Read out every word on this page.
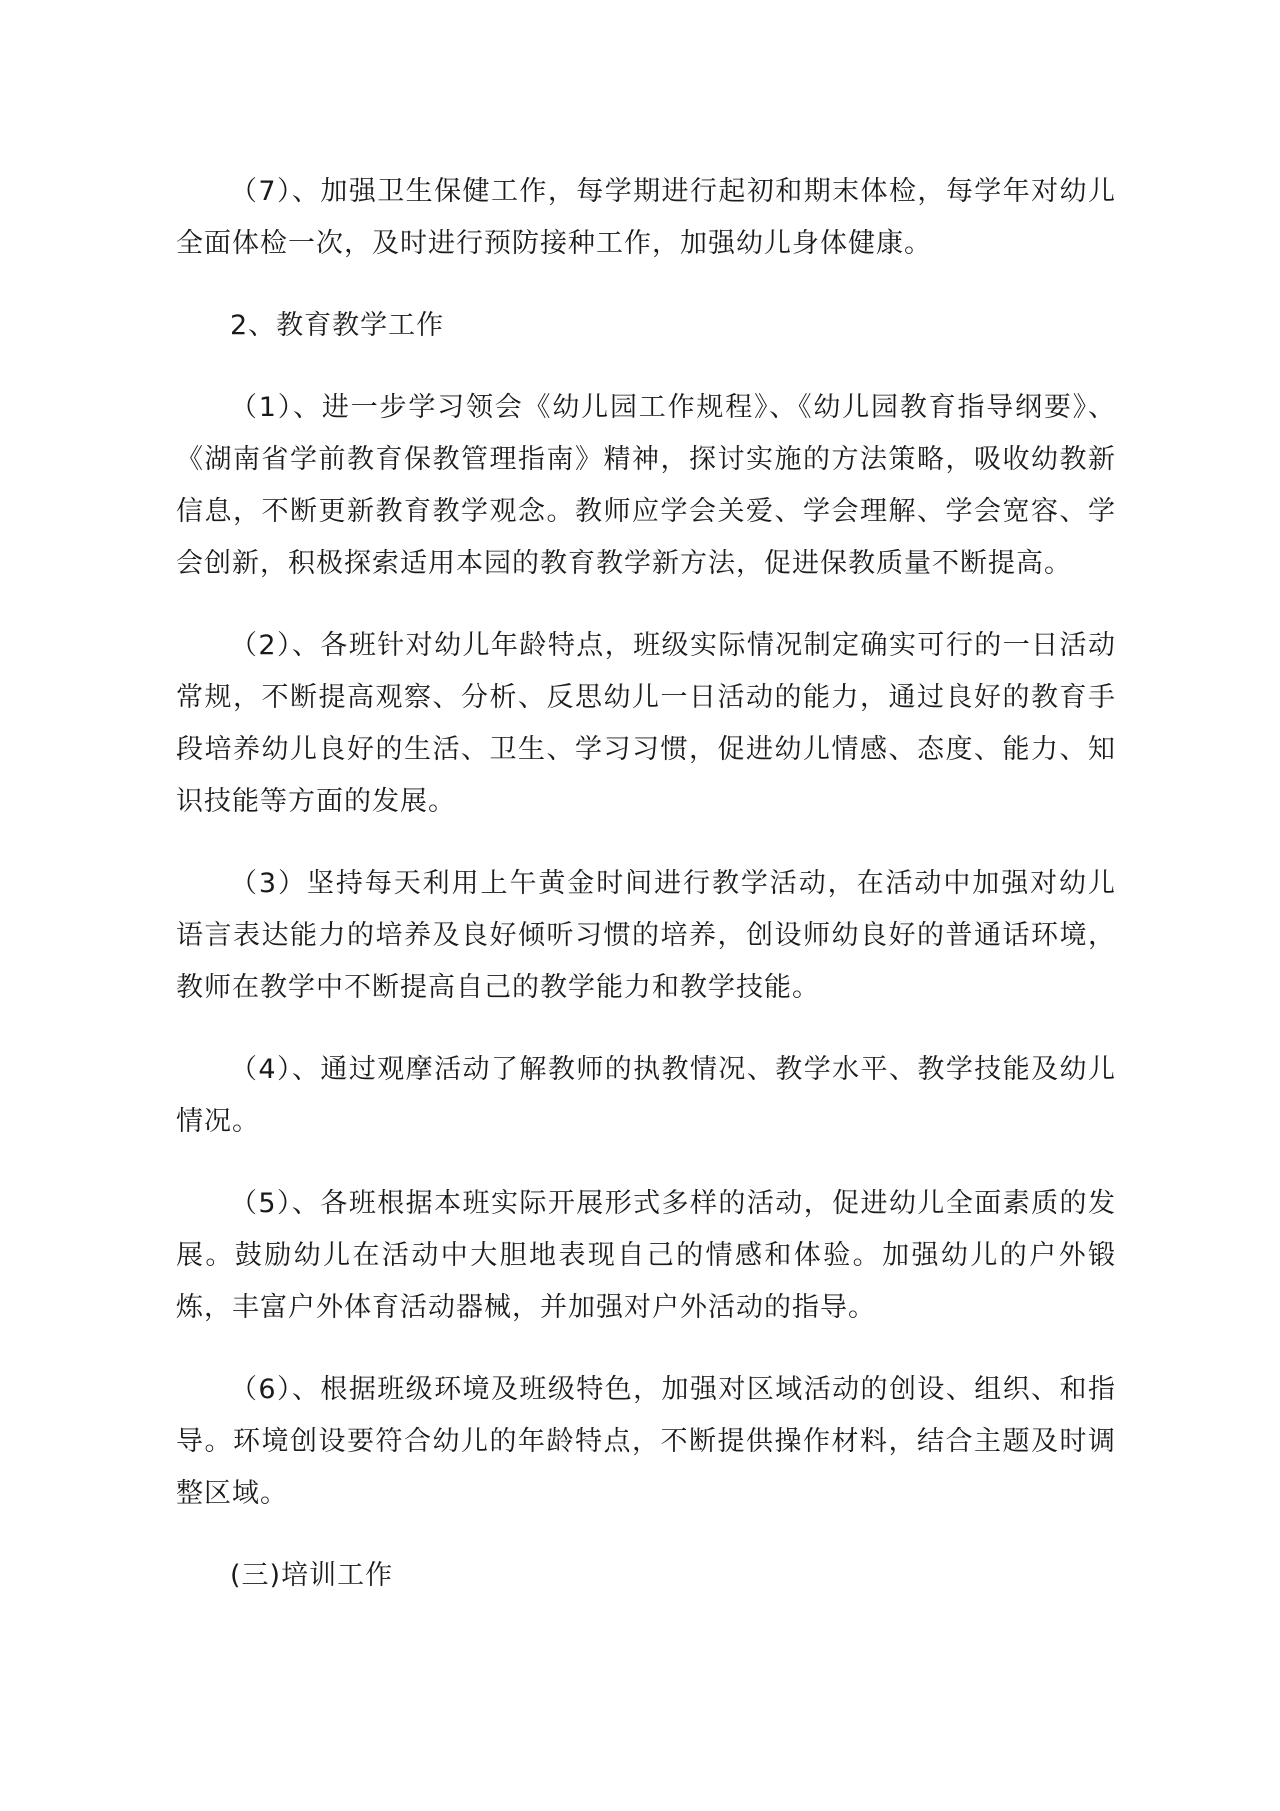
（7）、加强卫生保健工作，每学期进行起初和期末体检，每学年对幼儿全面体检一次，及时进行预防接种工作，加强幼儿身体健康。

2、教育教学工作

（1）、进一步学习领会《幼儿园工作规程》、《幼儿园教育指导纲要》、《湖南省学前教育保教管理指南》精神，探讨实施的方法策略，吸收幼教新信息，不断更新教育教学观念。教师应学会关爱、学会理解、学会宽容、学会创新，积极探索适用本园的教育教学新方法，促进保教质量不断提高。

（2）、各班针对幼儿年龄特点，班级实际情况制定确实可行的一日活动常规，不断提高观察、分析、反思幼儿一日活动的能力，通过良好的教育手段培养幼儿良好的生活、卫生、学习习惯，促进幼儿情感、态度、能力、知识技能等方面的发展。

（3）坚持每天利用上午黄金时间进行教学活动，在活动中加强对幼儿语言表达能力的培养及良好倾听习惯的培养，创设师幼良好的普通话环境，教师在教学中不断提高自己的教学能力和教学技能。

（4）、通过观摩活动了解教师的执教情况、教学水平、教学技能及幼儿情况。

（5）、各班根据本班实际开展形式多样的活动，促进幼儿全面素质的发展。鼓励幼儿在活动中大胆地表现自己的情感和体验。加强幼儿的户外锻炼，丰富户外体育活动器械，并加强对户外活动的指导。

（6）、根据班级环境及班级特色，加强对区域活动的创设、组织、和指导。环境创设要符合幼儿的年龄特点，不断提供操作材料，结合主题及时调整区域。

(三)培训工作
